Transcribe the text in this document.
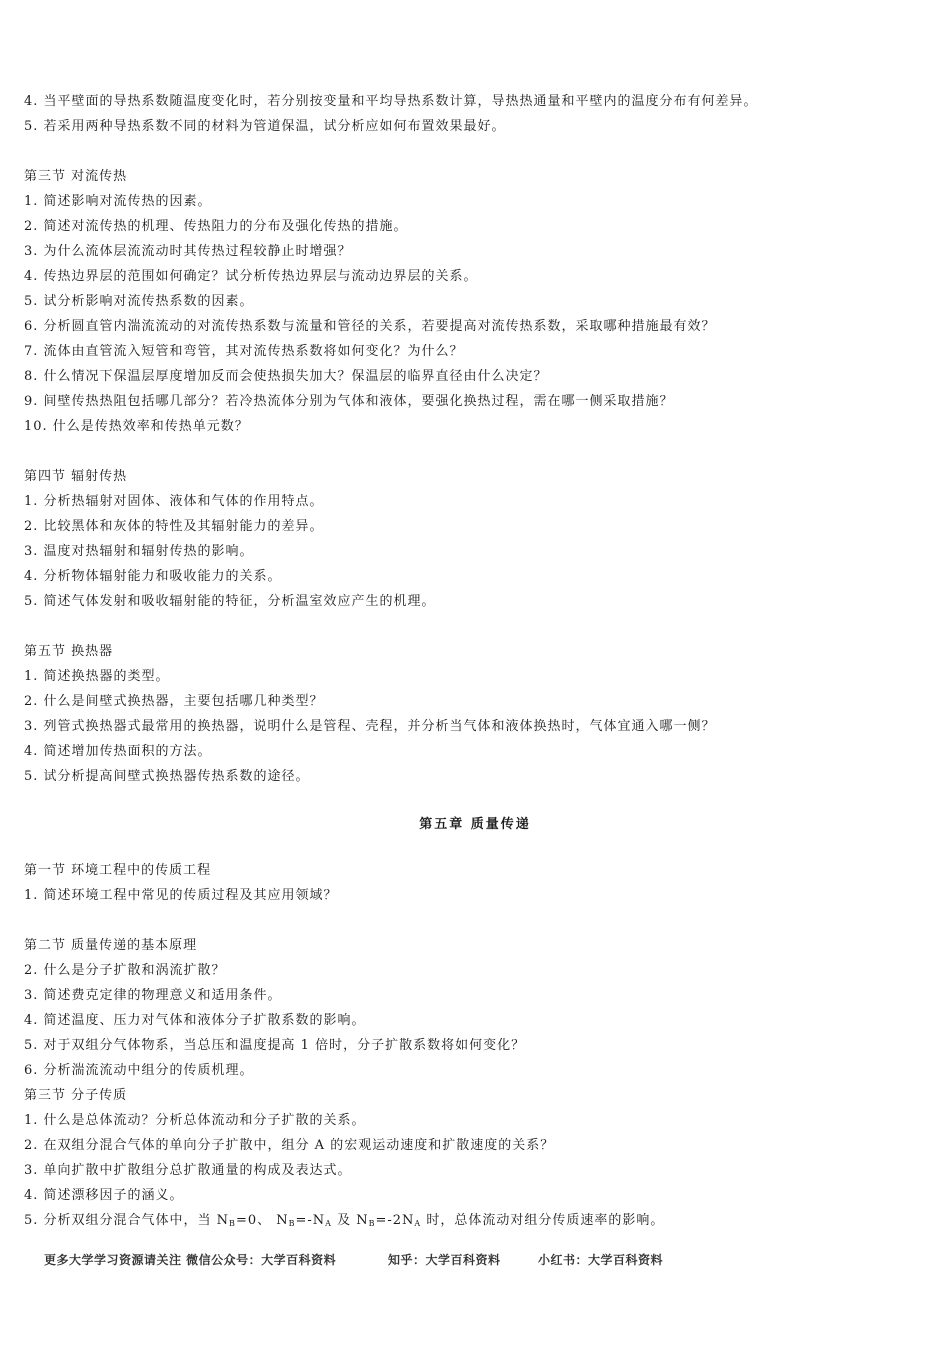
4. 当平壁面的导热系数随温度变化时，若分别按变量和平均导热系数计算，导热热通量和平壁内的温度分布有何差异。
5. 若采用两种导热系数不同的材料为管道保温，试分析应如何布置效果最好。
第三节 对流传热
1. 简述影响对流传热的因素。
2. 简述对流传热的机理、传热阻力的分布及强化传热的措施。
3. 为什么流体层流流动时其传热过程较静止时增强？
4. 传热边界层的范围如何确定？试分析传热边界层与流动边界层的关系。
5. 试分析影响对流传热系数的因素。
6. 分析圆直管内湍流流动的对流传热系数与流量和管径的关系，若要提高对流传热系数，采取哪种措施最有效？
7. 流体由直管流入短管和弯管，其对流传热系数将如何变化？为什么？
8. 什么情况下保温层厚度增加反而会使热损失加大？保温层的临界直径由什么决定？
9. 间壁传热热阻包括哪几部分？若冷热流体分别为气体和液体，要强化换热过程，需在哪一侧采取措施？
10. 什么是传热效率和传热单元数？
第四节 辐射传热
1. 分析热辐射对固体、液体和气体的作用特点。
2. 比较黑体和灰体的特性及其辐射能力的差异。
3. 温度对热辐射和辐射传热的影响。
4. 分析物体辐射能力和吸收能力的关系。
5. 简述气体发射和吸收辐射能的特征，分析温室效应产生的机理。
第五节 换热器
1. 简述换热器的类型。
2. 什么是间壁式换热器，主要包括哪几种类型？
3. 列管式换热器式最常用的换热器，说明什么是管程、壳程，并分析当气体和液体换热时，气体宜通入哪一侧？
4. 简述增加传热面积的方法。
5. 试分析提高间壁式换热器传热系数的途径。
第五章 质量传递
第一节 环境工程中的传质工程
1. 简述环境工程中常见的传质过程及其应用领域？
第二节 质量传递的基本原理
2. 什么是分子扩散和涡流扩散？
3. 简述费克定律的物理意义和适用条件。
4. 简述温度、压力对气体和液体分子扩散系数的影响。
5. 对于双组分气体物系，当总压和温度提高 1 倍时，分子扩散系数将如何变化？
6. 分析湍流流动中组分的传质机理。
第三节 分子传质
1. 什么是总体流动？分析总体流动和分子扩散的关系。
2. 在双组分混合气体的单向分子扩散中，组分 A 的宏观运动速度和扩散速度的关系？
3. 单向扩散中扩散组分总扩散通量的构成及表达式。
4. 简述漂移因子的涵义。
5. 分析双组分混合气体中，当 $N_B=0$、 $N_B=-N_A$ 及 $N_B=-2N_A$ 时，总体流动对组分传质速率的影响。
更多大学学习资源请关注 微信公众号：大学百科资料	知乎：大学百科资料	小红书：大学百科资料
